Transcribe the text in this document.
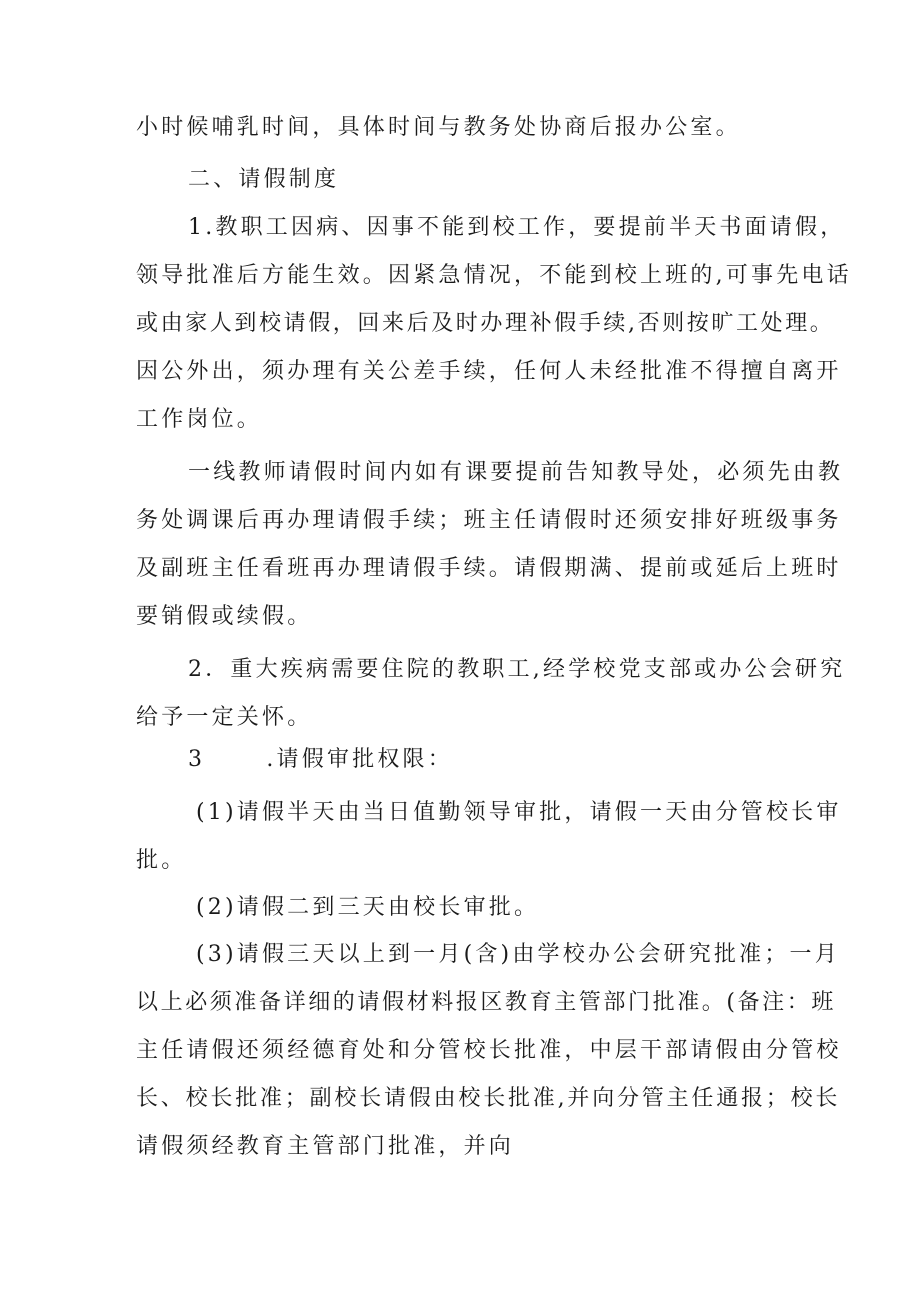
小时候哺乳时间，具体时间与教务处协商后报办公室。
二、请假制度
1.教职工因病、因事不能到校工作，要提前半天书面请假，
领导批准后方能生效。因紧急情况，不能到校上班的,可事先电话
或由家人到校请假，回来后及时办理补假手续,否则按旷工处理。
因公外出，须办理有关公差手续，任何人未经批准不得擅自离开
工作岗位。
一线教师请假时间内如有课要提前告知教导处，必须先由教
务处调课后再办理请假手续；班主任请假时还须安排好班级事务
及副班主任看班再办理请假手续。请假期满、提前或延后上班时
要销假或续假。
2．重大疾病需要住院的教职工,经学校党支部或办公会研究
给予一定关怀。
3      .请假审批权限：
(1)请假半天由当日值勤领导审批，请假一天由分管校长审
批。
(2)请假二到三天由校长审批。
(3)请假三天以上到一月(含)由学校办公会研究批准；一月
以上必须准备详细的请假材料报区教育主管部门批准。(备注：班
主任请假还须经德育处和分管校长批准，中层干部请假由分管校
长、校长批准；副校长请假由校长批准,并向分管主任通报；校长
请假须经教育主管部门批准，并向
